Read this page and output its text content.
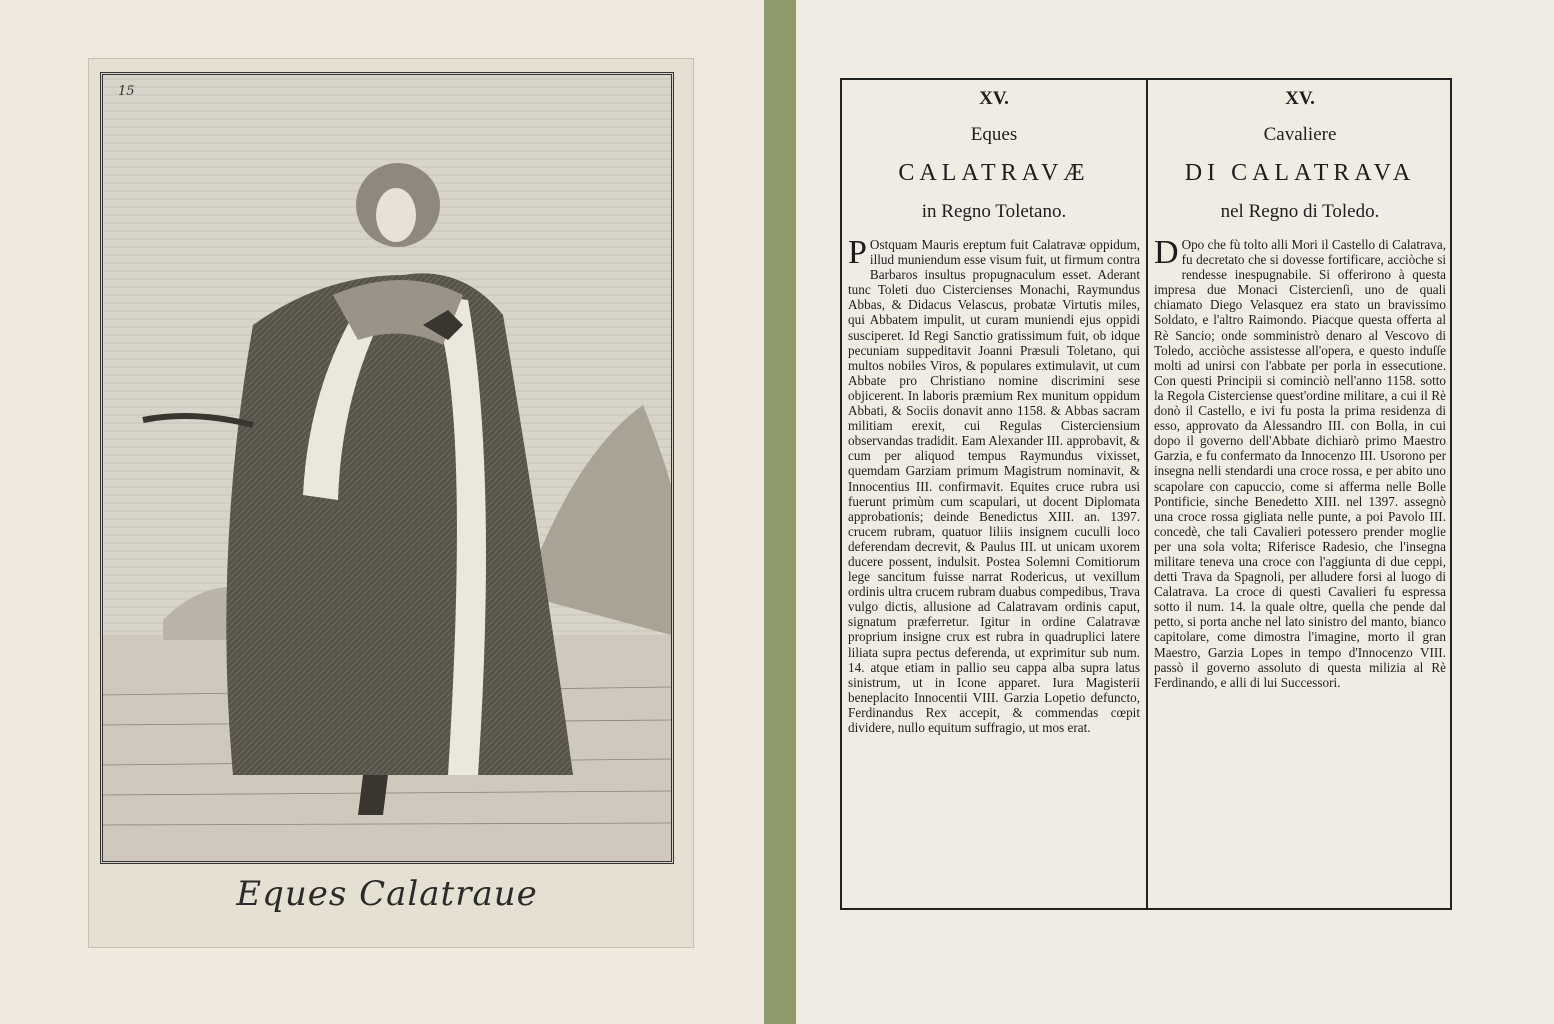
15
Eques Calatraue
XV.
Eques
CALATRAVÆ
in Regno Toletano.
P Ostquam Mauris ereptum fuit Calatravæ oppidum, illud muniendum esse visum fuit, ut firmum contra Barbaros insultus propugnaculum esset. Aderant tunc Toleti duo Cistercienses Monachi, Raymundus Abbas, & Didacus Velascus, probatæ Virtutis miles, qui Abbatem impulit, ut curam muniendi ejus oppidi susciperet. Id Regi Sanctio gratissimum fuit, ob idque pecuniam suppeditavit Joanni Præsuli Toletano, qui multos nobiles Viros, & populares extimulavit, ut cum Abbate pro Christiano nomine discrimini sese objicerent. In laboris præmium Rex munitum oppidum Abbati, & Sociis donavit anno 1158. & Abbas sacram militiam erexit, cui Regulas Cisterciensium observandas tradidit. Eam Alexander III. approbavit, & cum per aliquod tempus Raymundus vixisset, quemdam Garziam primum Magistrum nominavit, & Innocentius III. confirmavit. Equites cruce rubra usi fuerunt primùm cum scapulari, ut docent Diplomata approbationis; deinde Benedictus XIII. an. 1397. crucem rubram, quatuor liliis insignem cuculli loco deferendam decrevit, & Paulus III. ut unicam uxorem ducere possent, indulsit. Postea Solemni Comitiorum lege sancitum fuisse narrat Rodericus, ut vexillum ordinis ultra crucem rubram duabus compedibus, Trava vulgo dictis, allusione ad Calatravam ordinis caput, signatum præferretur. Igitur in ordine Calatravæ proprium insigne crux est rubra in quadruplici latere liliata supra pectus deferenda, ut exprimitur sub num. 14. atque etiam in pallio seu cappa alba supra latus sinistrum, ut in Icone apparet. Iura Magisterii beneplacito Innocentii VIII. Garzia Lopetio defuncto, Ferdinandus Rex accepit, & commendas cœpit dividere, nullo equitum suffragio, ut mos erat.
XV.
Cavaliere
DI CALATRAVA
nel Regno di Toledo.
D Opo che fù tolto alli Mori il Castello di Calatrava, fu decretato che si dovesse fortificare, acciòche si rendesse inespugnabile. Si offerirono à questa impresa due Monaci Cistercienſi, uno de quali chiamato Diego Velasquez era stato un bravissimo Soldato, e l'altro Raimondo. Piacque questa offerta al Rè Sancio; onde somministrò denaro al Vescovo di Toledo, acciòche assistesse all'opera, e questo induſſe molti ad unirsi con l'abbate per porla in essecutione. Con questi Principii si cominciò nell'anno 1158. sotto la Regola Cisterciense quest'ordine militare, a cui il Rè donò il Castello, e ivi fu posta la prima residenza di esso, approvato da Alessandro III. con Bolla, in cui dopo il governo dell'Abbate dichiarò primo Maestro Garzia, e fu confermato da Innocenzo III. Usorono per insegna nelli stendardi una croce rossa, e per abito uno scapolare con capuccio, come si afferma nelle Bolle Pontificie, sinche Benedetto XIII. nel 1397. assegnò una croce rossa gigliata nelle punte, a poi Pavolo III. concedè, che tali Cavalieri potessero prender moglie per una sola volta; Riferisce Radesio, che l'insegna militare teneva una croce con l'aggiunta di due ceppi, detti Trava da Spagnoli, per alludere forsi al luogo di Calatrava. La croce di questi Cavalieri fu espressa sotto il num. 14. la quale oltre, quella che pende dal petto, si porta anche nel lato sinistro del manto, bianco capitolare, come dimostra l'imagine, morto il gran Maestro, Garzia Lopes in tempo d'Innocenzo VIII. passò il governo assoluto di questa milizia al Rè Ferdinando, e alli di lui Successori.
